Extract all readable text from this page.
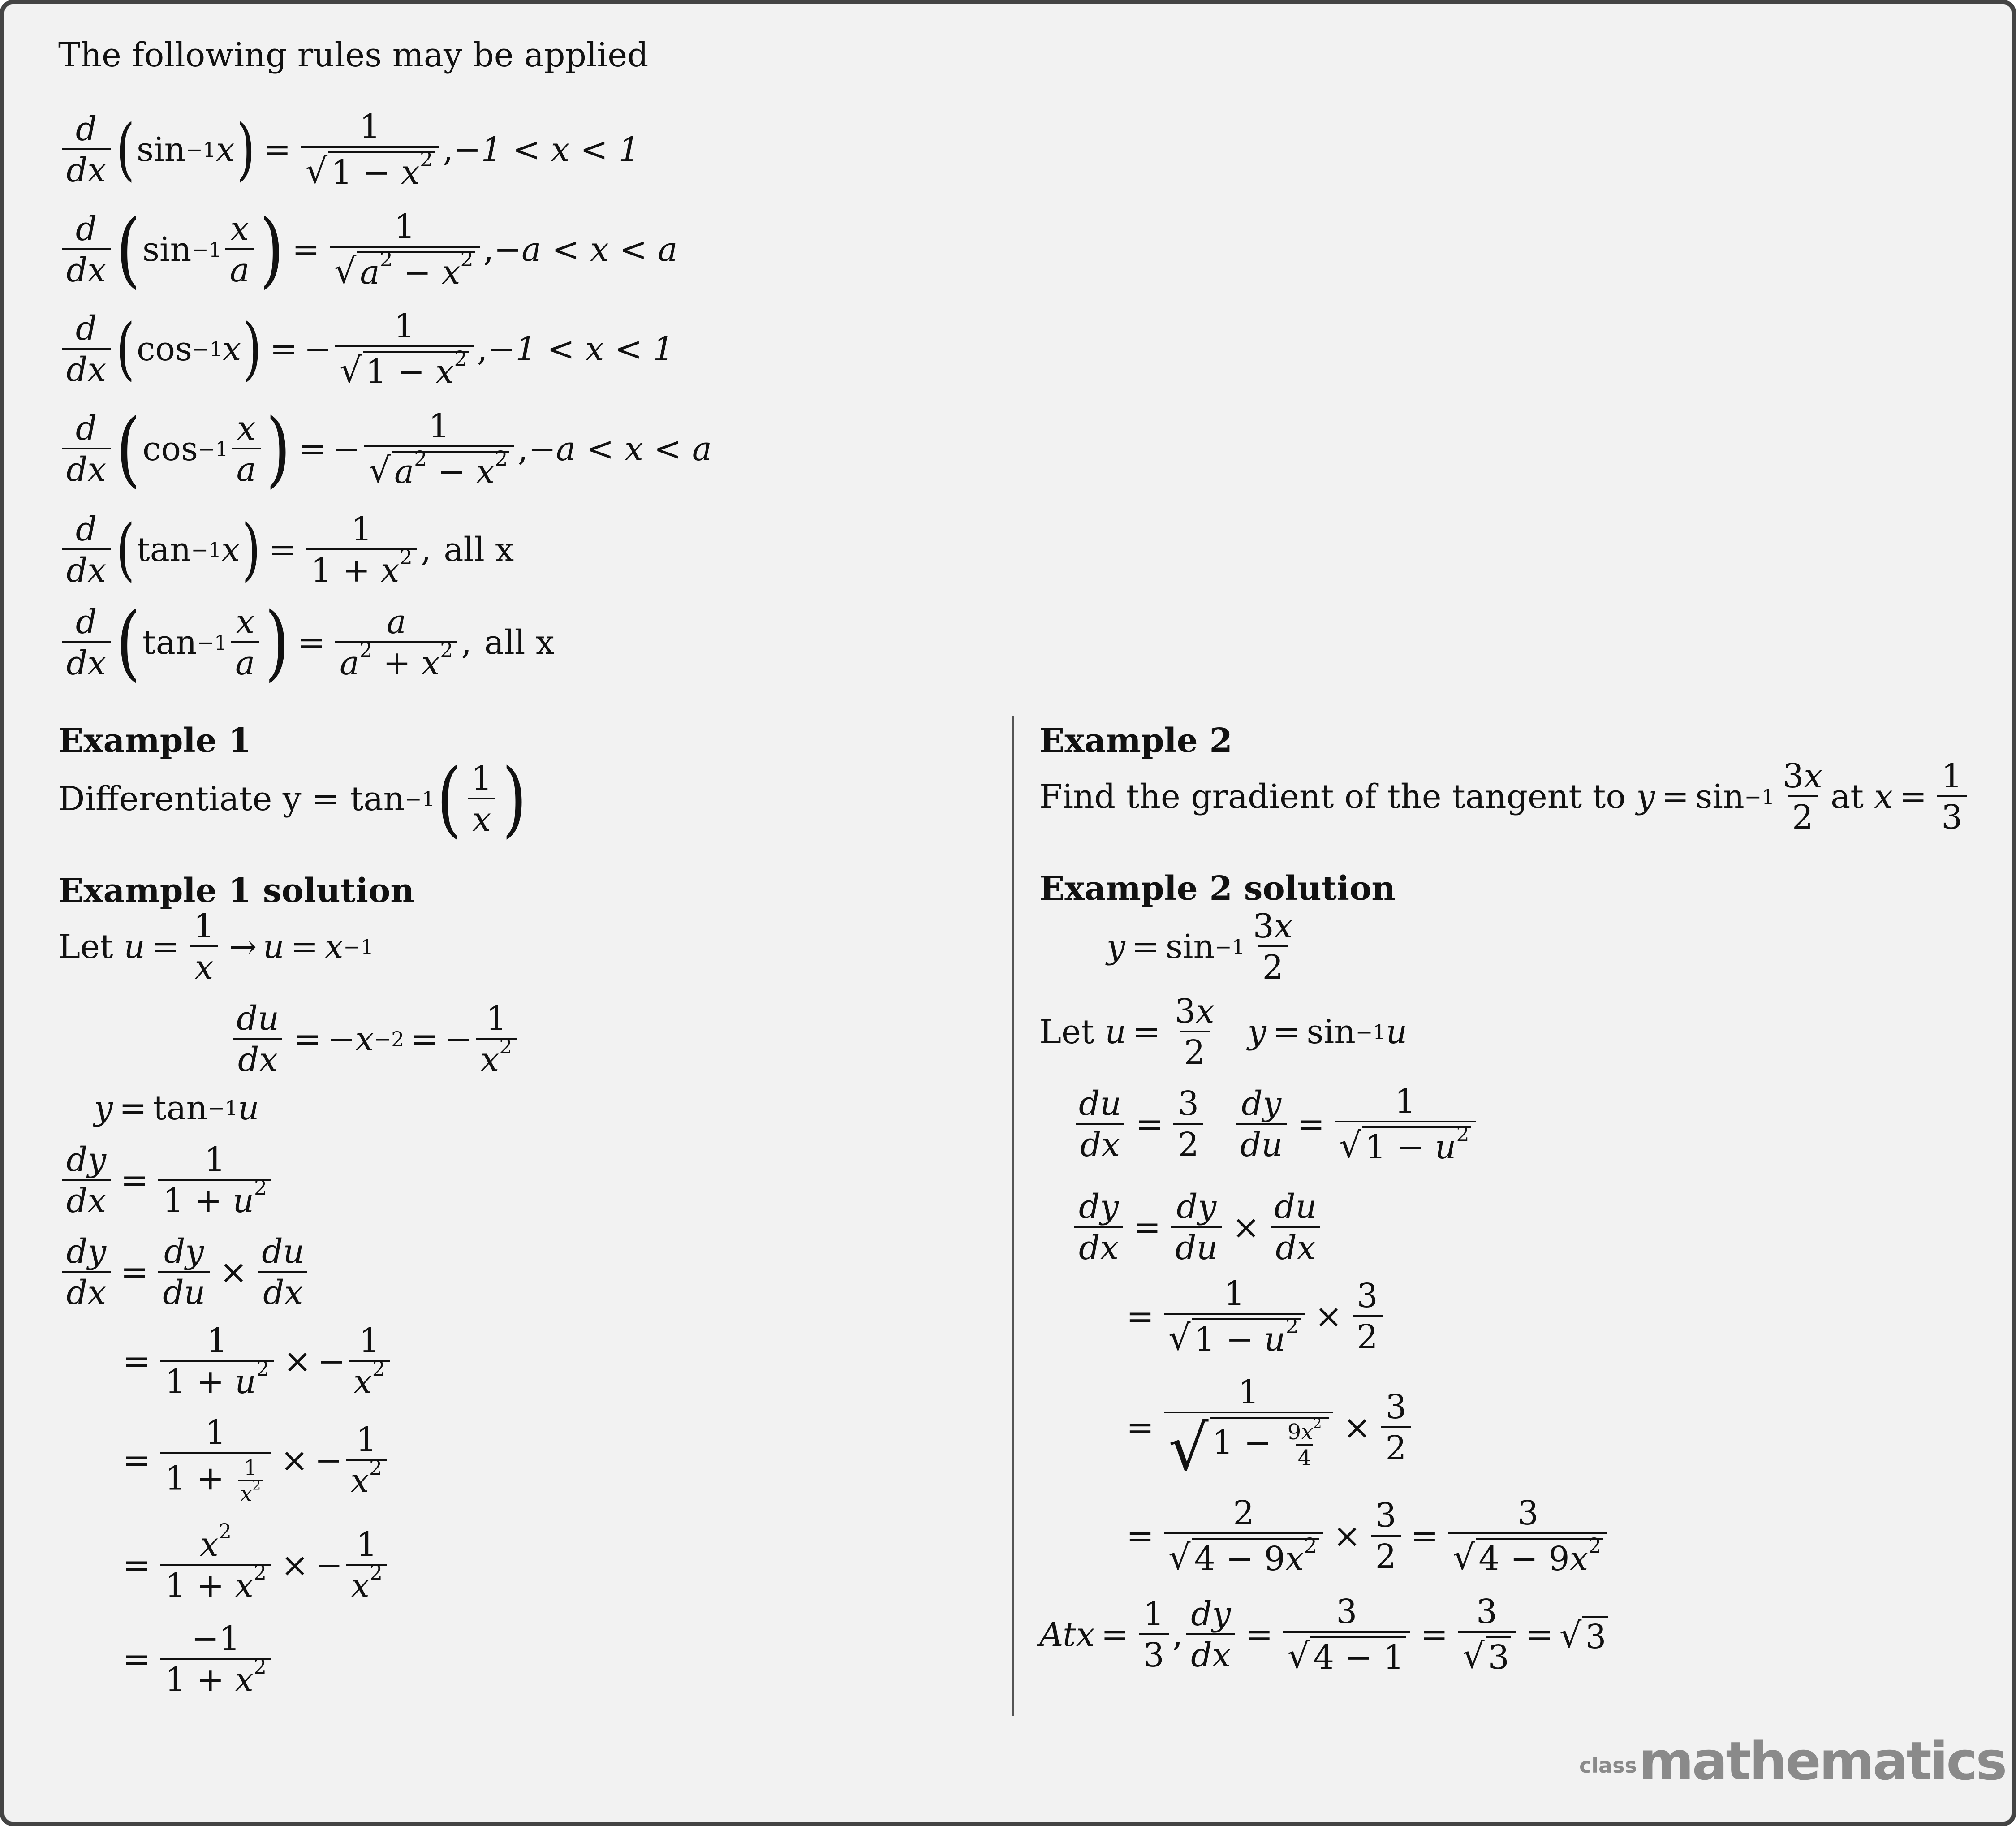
The following rules may be applied
$\frac{d}{dx}$ ( sin −1 x ) = $\frac{1}{√ 1 - x^2}$ , −1 < x < 1
$\frac{d}{dx}$ ( $\sin -1 \frac{x}{a}$ ) = $\frac{1}{√ a^2 - x^2}$ , −a < x < a
$\frac{d}{dx}$ ( cos −1 x ) = − $\frac{1}{√ 1 - x^2}$ , −1 < x < 1
$\frac{d}{dx}$ ( $\cos -1 \frac{x}{a}$ ) = − $\frac{1}{√ a^2 - x^2}$ , −a < x < a
$\frac{d}{dx}$ ( tan −1 x ) = $\frac{1}{1 + x^2}$ , all x
$\frac{d}{dx}$ ( $\tan -1 \frac{x}{a}$ ) = $\frac{a}{a^2 + x^2}$ , all x
Example 1
Differentiate y = tan −1 ( $\frac{1}{x}$ )
Example 1 solution
Let
$u = \frac{1}{x} \to u = x -1$
$\frac{du}{dx}$ = − x −2 = − $\frac{1}{x^2}$
y = tan −1 u
$\frac{dy}{dx} = \frac{1}{1 + u^2}$
$\frac{dy}{dx} = \frac{dy}{du} \times \frac{du}{dx}$
= $\frac{1}{1 + u^2}$ × − $\frac{1}{x^2}$
= $\frac{1}{1 + \frac{1}{x^2}}$ × − $\frac{1}{x^2}$
= $\frac{x^2}{1 + x^2}$ × − $\frac{1}{x^2}$
= $\frac{-1}{1 + x^2}$
Example 2
Find the gradient of the tangent to
$y = \sin -1 \frac{3x}{2}$ at
$x = \frac{1}{3}$
Example 2 solution
$y = \sin -1 \frac{3x}{2}$
Let
$u = \frac{3x}{2}$ y = sin −1 u
$\frac{du}{dx} = \frac{3}{2} \frac{dy}{du} = \frac{1}{√ 1 - u^2}$
$\frac{dy}{dx} = \frac{dy}{du} \times \frac{du}{dx}$
= $\frac{1}{√ 1 - u^2} \times \frac{3}{2}$
= $\frac{1}{√ 1 - \frac{9x^2}{4}} \times \frac{3}{2}$
= $\frac{2}{√ 4 - 9x^2} \times \frac{3}{2} = \frac{3}{√ 4 - 9x^2}$
Atx = $\frac{1}{3}$ , $\frac{dy}{dx} = \frac{3}{√ 4 - 1} = \frac{3}{√ 3}$ = √ 3
class mathematics
